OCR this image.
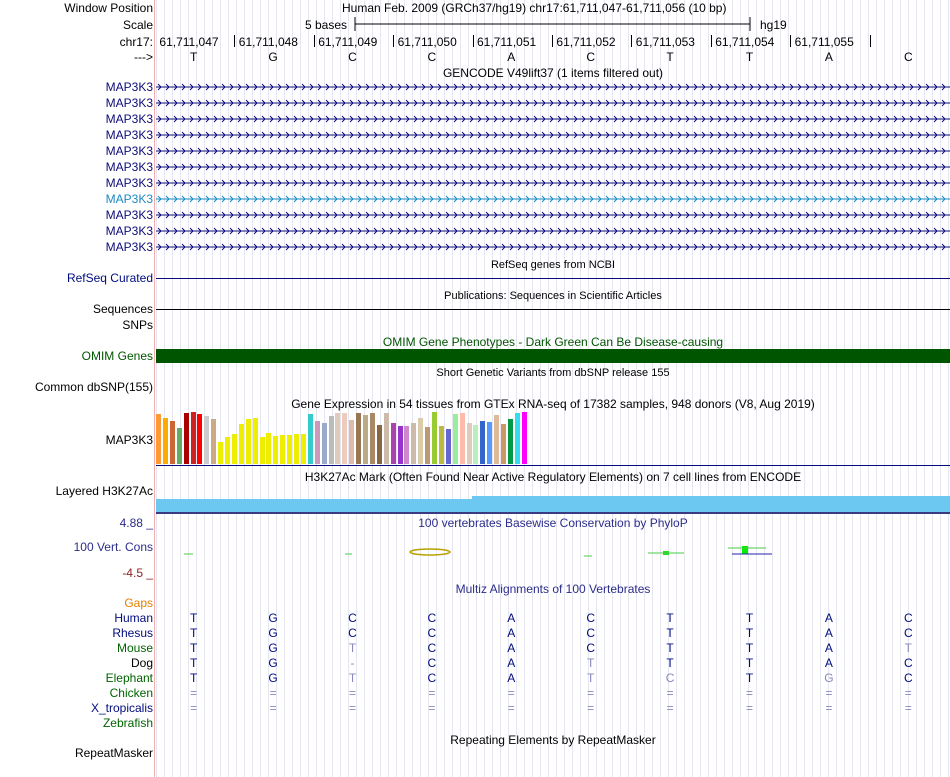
Window Position	Human Feb. 2009 (GRCh37/hg19) chr17:61,711,047-61,711,056 (10 bp)
Scale	5 bases	hg19
chr17: 61,711,047 61,711,048 61,711,049 61,711,050 61,711,051 61,711,052 61,711,053 61,711,054 61,711,055
--->	T	G	C	C	A	C	T	T	A	C
GENCODE V49lift37 (1 items filtered out)
MAP3K3
MAP3K3
MAP3K3
MAP3K3
MAP3K3
MAP3K3
MAP3K3
MAP3K3
MAP3K3
MAP3K3
MAP3K3
RefSeq genes from NCBI
RefSeq Curated
Publications: Sequences in Scientific Articles
Sequences
SNPs
OMIM Gene Phenotypes - Dark Green Can Be Disease-causing
OMIM Genes
Short Genetic Variants from dbSNP release 155
Common dbSNP(155)
Gene Expression in 54 tissues from GTEx RNA-seq of 17382 samples, 948 donors (V8, Aug 2019)
MAP3K3
H3K27Ac Mark (Often Found Near Active Regulatory Elements) on 7 cell lines from ENCODE
Layered H3K27Ac
100 vertebrates Basewise Conservation by PhyloP
4.88 _
100 Vert. Cons
-4.5 _
Multiz Alignments of 100 Vertebrates
Gaps
Human	T	G	C	C	A	C	T	T	A	C
Rhesus	T	G	C	C	A	C	T	T	A	C
Mouse	T	G	T	C	A	C	T	T	A	T
Dog	T	G	-	C	A	T	T	T	A	C
Elephant	T	G	T	C	A	T	C	T	G	C
Chicken	=	=	=	=	=	=	=	=	=	=
X_tropicalis	=	=	=	=	=	=	=	=	=	=
Zebrafish
Repeating Elements by RepeatMasker
RepeatMasker
